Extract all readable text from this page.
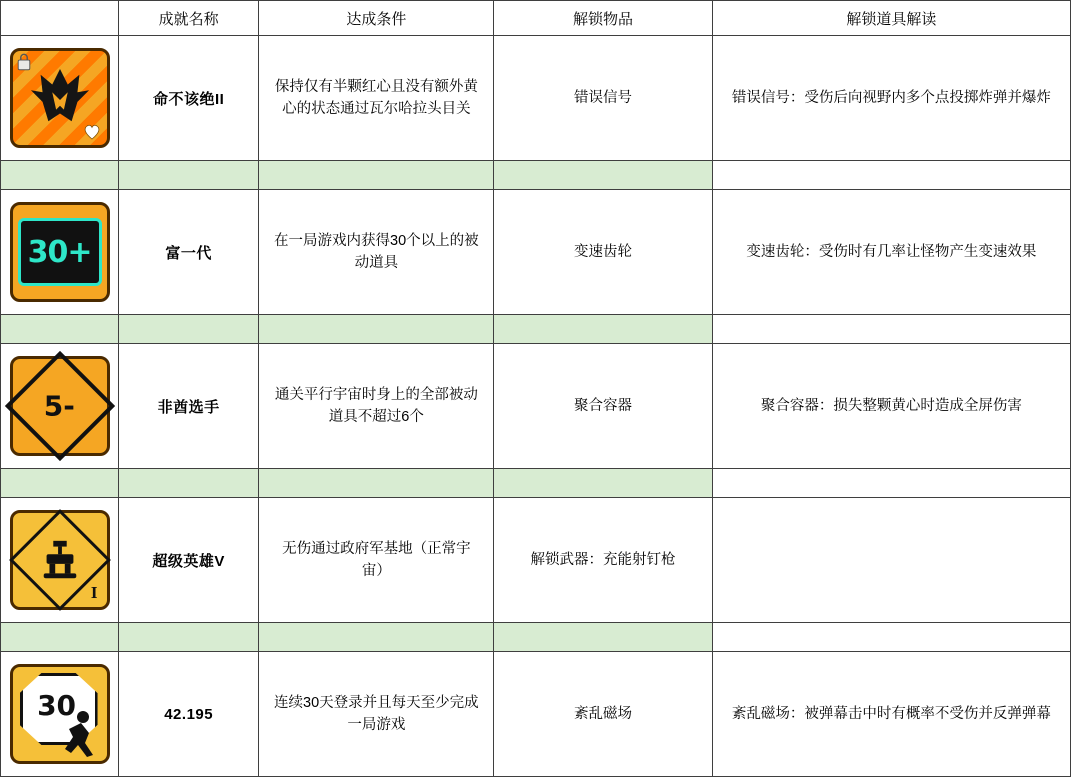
	成就名称	达成条件	解锁物品	解锁道具解读

	命不该绝II	保持仅有半颗红心且没有额外黄心的状态通过瓦尔哈拉头目关	错误信号	错误信号：受伤后向视野内多个点投掷炸弹并爆炸

30+	富一代	在一局游戏内获得30个以上的被动道具	变速齿轮	变速齿轮：受伤时有几率让怪物产生变速效果

5-	非酋选手	通关平行宇宙时身上的全部被动道具不超过6个	聚合容器	聚合容器：损失整颗黄心时造成全屏伤害

I	超级英雄V	无伤通过政府军基地（正常宇宙）	解锁武器：充能射钉枪	

30	42.195	连续30天登录并且每天至少完成一局游戏	紊乱磁场	紊乱磁场：被弹幕击中时有概率不受伤并反弹弹幕
